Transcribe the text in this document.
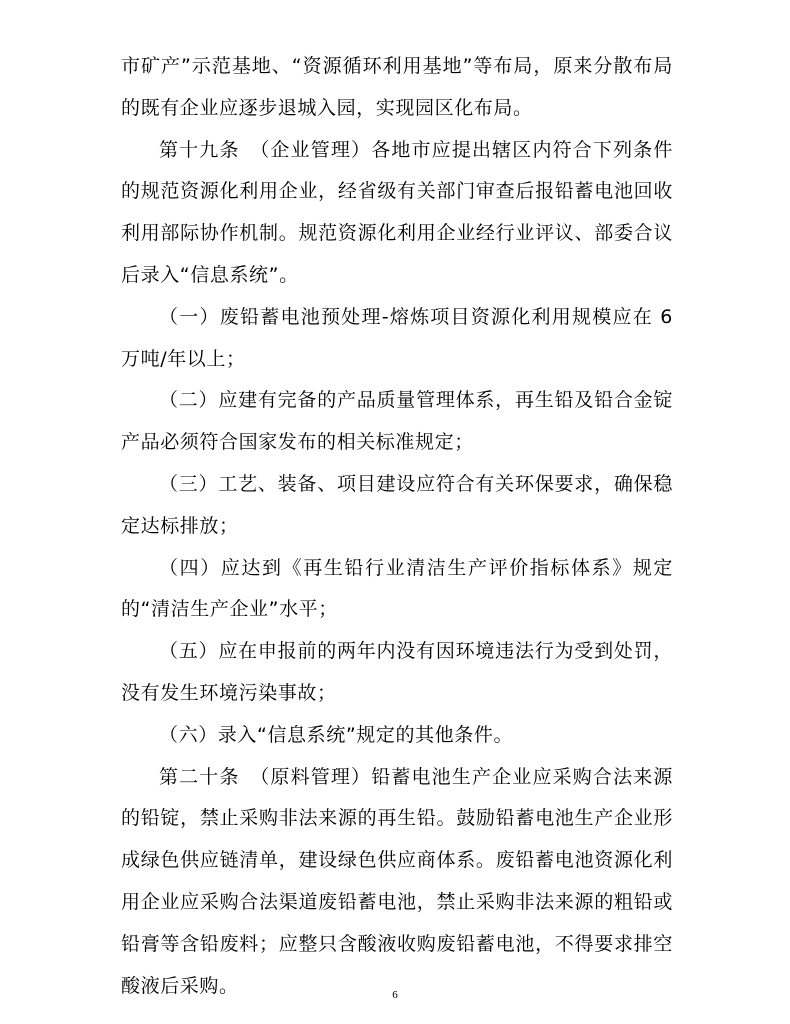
市矿产”示范基地、“资源循环利用基地”等布局，原来分散布局的既有企业应逐步退城入园，实现园区化布局。

第十九条　（企业管理）各地市应提出辖区内符合下列条件的规范资源化利用企业，经省级有关部门审查后报铅蓄电池回收利用部际协作机制。规范资源化利用企业经行业评议、部委合议后录入“信息系统”。

（一）废铅蓄电池预处理-熔炼项目资源化利用规模应在 6 万吨/年以上；

（二）应建有完备的产品质量管理体系，再生铅及铅合金锭产品必须符合国家发布的相关标准规定；

（三）工艺、装备、项目建设应符合有关环保要求，确保稳定达标排放；

（四）应达到《再生铅行业清洁生产评价指标体系》规定的“清洁生产企业”水平；

（五）应在申报前的两年内没有因环境违法行为受到处罚，没有发生环境污染事故；

（六）录入“信息系统”规定的其他条件。

第二十条　（原料管理）铅蓄电池生产企业应采购合法来源的铅锭，禁止采购非法来源的再生铅。鼓励铅蓄电池生产企业形成绿色供应链清单，建设绿色供应商体系。废铅蓄电池资源化利用企业应采购合法渠道废铅蓄电池，禁止采购非法来源的粗铅或铅膏等含铅废料；应整只含酸液收购废铅蓄电池，不得要求排空酸液后采购。	6
